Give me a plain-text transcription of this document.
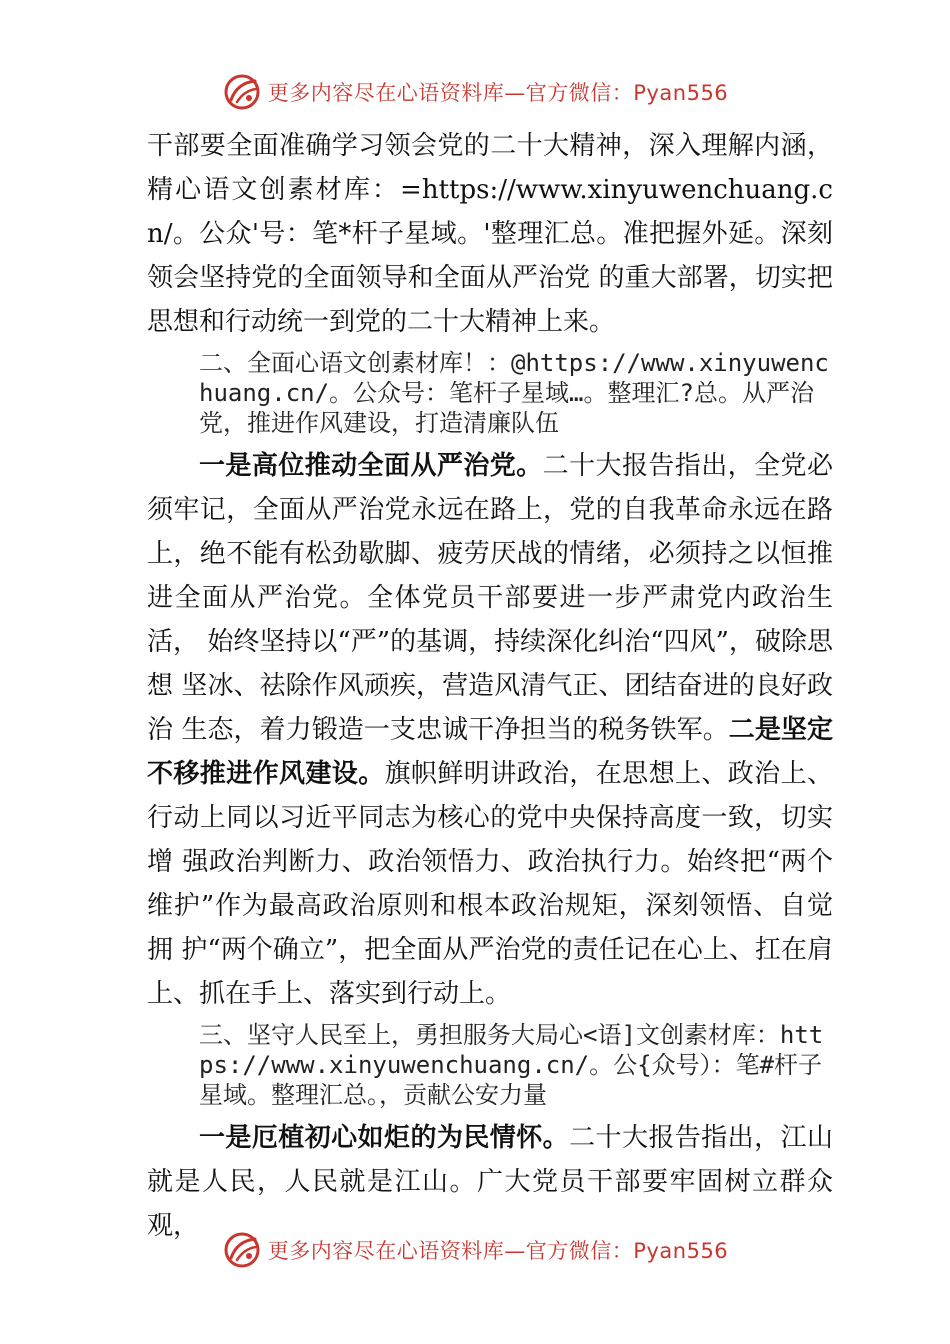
更多内容尽在心语资料库—官方微信：Pyan556

干部要全面准确学习领会党的二十大精神，深入理解内涵，精心语文创素材库：=https://www.xinyuwenchuang.cn/。公众'号：笔*杆子星域。'整理汇总。准把握外延。深刻领会坚持党的全面领导和全面从严治党 的重大部署，切实把思想和行动统一到党的二十大精神上来。

二、全面心语文创素材库！：@https://www.xinyuwenchuang.cn/。公众号：笔杆子星域…。整理汇?总。从严治党，推进作风建设，打造清廉队伍

一是高位推动全面从严治党。二十大报告指出，全党必须牢记，全面从严治党永远在路上，党的自我革命永远在路 上，绝不能有松劲歇脚、疲劳厌战的情绪，必须持之以恒推 进全面从严治党。全体党员干部要进一步严肃党内政治生活， 始终坚持以“严”的基调，持续深化纠治“四风”，破除思想 坚冰、祛除作风顽疾，营造风清气正、团结奋进的良好政治 生态，着力锻造一支忠诚干净担当的税务铁军。二是坚定不移推进作风建设。旗帜鲜明讲政治，在思想上、政治上、行动上同以习近平同志为核心的党中央保持高度一致，切实增 强政治判断力、政治领悟力、政治执行力。始终把“两个维护”作为最高政治原则和根本政治规矩，深刻领悟、自觉拥 护“两个确立”，把全面从严治党的责任记在心上、扛在肩上、抓在手上、落实到行动上。

三、坚守人民至上，勇担服务大局心<语]文创素材库：https://www.xinyuwenchuang.cn/。公{众号）：笔#杆子星域。整理汇总。，贡献公安力量

一是厄植初心如炬的为民情怀。二十大报告指出，江山就是人民，人民就是江山。广大党员干部要牢固树立群众观，

更多内容尽在心语资料库—官方微信：Pyan556
